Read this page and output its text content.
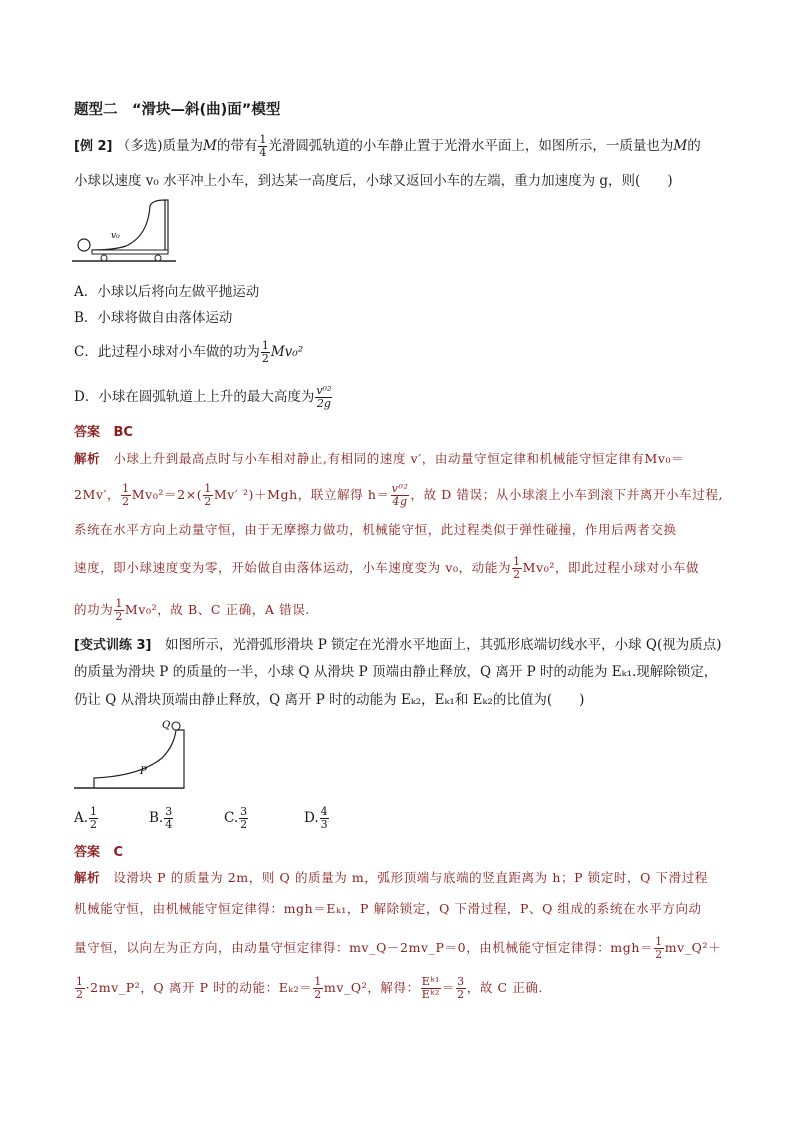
题型二　“滑块—斜(曲)面”模型
[例 2] （多选)质量为M的带有 $\frac{1}{4}$ 光滑圆弧轨道的小车静止置于光滑水平面上，如图所示，一质量也为M的
小球以速度 v₀ 水平冲上小车，到达某一高度后，小球又返回小车的左端，重力加速度为 g，则(　　)
v₀
A．小球以后将向左做平抛运动
B．小球将做自由落体运动
C．此过程小球对小车做的功为 $\frac{1}{2} Mv_0^2$
D．小球在圆弧轨道上上升的最大高度为 $\frac{\text{v⁰²}}{2g}$
答案　 BC
解析　 小球上升到最高点时与小车相对静止,有相同的速度 v′，由动量守恒定律和机械能守恒定律有Mv₀＝
2Mv′， $\frac{1}{2} Mv_0^2=2\times( \frac{1}{2} Mv'$ ²)＋Mgh，联立解得 $h= \frac{\text{v⁰²}}{4g}$ ，故 D 错误；从小球滚上小车到滚下并离开小车过程,
系统在水平方向上动量守恒，由于无摩擦力做功，机械能守恒，此过程类似于弹性碰撞，作用后两者交换
速度，即小球速度变为零，开始做自由落体运动，小车速度变为 v₀，动能为 $\frac{1}{2} Mv_0^2$，即此过程小球对小车做
的功为 $\frac{1}{2} Mv_0^2$，故 B、C 正确，A 错误.
[变式训练 3]　 如图所示，光滑弧形滑块 P 锁定在光滑水平地面上，其弧形底端切线水平，小球 Q(视为质点)
的质量为滑块 P 的质量的一半，小球 Q 从滑块 P 顶端由静止释放，Q 离开 P 时的动能为 Eₖ₁.现解除锁定，
仍让 Q 从滑块顶端由静止释放，Q 离开 P 时的动能为 Eₖ₂，Eₖ₁和 Eₖ₂的比值为(　　)
Q
P
A. $\frac{1}{2}$	B. $\frac{3}{4}$	C. $\frac{3}{2}$	D. $\frac{4}{3}$
答案　 C
解析　 设滑块 P 的质量为 2m，则 Q 的质量为 m，弧形顶端与底端的竖直距离为 h；P 锁定时，Q 下滑过程
机械能守恒，由机械能守恒定律得：mgh＝Eₖ₁，P 解除锁定，Q 下滑过程，P、Q 组成的系统在水平方向动
量守恒，以向左为正方向，由动量守恒定律得：mv_Q－2mv_P＝0，由机械能守恒定律得：$mgh= \frac{1}{2}$ mv_Q²＋
$\frac{1}{2}$ ·2mv_P²，Q 离开 P 时的动能：$E_{k2}= \frac{1}{2}$ mv_Q²，解得： $\frac{\text{Eᵏ¹}}{\text{Eᵏ²}} = \frac{3}{2}$ ，故 C 正确.
